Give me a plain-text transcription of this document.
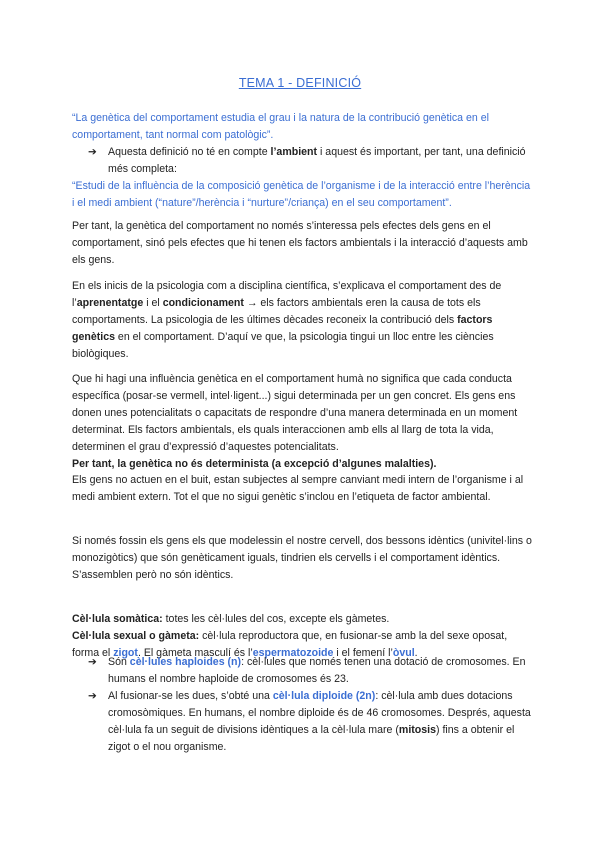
TEMA 1 - DEFINICIÓ
“La genètica del comportament estudia el grau i la natura de la contribució genètica en el comportament, tant normal com patològic”.
➔	Aquesta definició no té en compte l’ambient i aquest és important, per tant, una definició més completa:
“Estudi de la influència de la composició genètica de l’organisme i de la interacció entre l’herència i el medi ambient (“nature”/herència i “nurture”/criança) en el seu comportament”.
Per tant, la genètica del comportament no només s’interessa pels efectes dels gens en el comportament, sinó pels efectes que hi tenen els factors ambientals i la interacció d’aquests amb els gens.
En els inicis de la psicologia com a disciplina científica, s’explicava el comportament des de l’aprenentatge i el condicionament → els factors ambientals eren la causa de tots els comportaments. La psicologia de les últimes dècades reconeix la contribució dels factors genètics en el comportament. D’aquí ve que, la psicologia tingui un lloc entre les ciències biològiques.
Que hi hagi una influència genètica en el comportament humà no significa que cada conducta específica (posar-se vermell, intel·ligent...) sigui determinada per un gen concret. Els gens ens donen unes potencialitats o capacitats de respondre d’una manera determinada en un moment determinat. Els factors ambientals, els quals interaccionen amb ells al llarg de tota la vida, determinen el grau d’expressió d’aquestes potencialitats.
Per tant, la genètica no és determinista (a excepció d’algunes malalties).
Els gens no actuen en el buit, estan subjectes al sempre canviant medi intern de l’organisme i al medi ambient extern. Tot el que no sigui genètic s’inclou en l’etiqueta de factor ambiental.
Si només fossin els gens els que modelessin el nostre cervell, dos bessons idèntics (univitel·lins o monozigòtics) que són genèticament iguals, tindrien els cervells i el comportament idèntics. S’assemblen però no són idèntics.
Cèl·lula somàtica: totes les cèl·lules del cos, excepte els gàmetes.
Cèl·lula sexual o gàmeta: cèl·lula reproductora que, en fusionar-se amb la del sexe oposat, forma el zigot. El gàmeta masculí és l’espermatozoide i el femení l’òvul.
➔	Són cèl·lules haploides (n): cèl·lules que només tenen una dotació de cromosomes. En humans el nombre haploide de cromosomes és 23.
➔	Al fusionar-se les dues, s’obté una cèl·lula diploide (2n): cèl·lula amb dues dotacions cromosòmiques. En humans, el nombre diploide és de 46 cromosomes. Després, aquesta cèl·lula fa un seguit de divisions idèntiques a la cèl·lula mare (mitosis) fins a obtenir el zigot o el nou organisme.
